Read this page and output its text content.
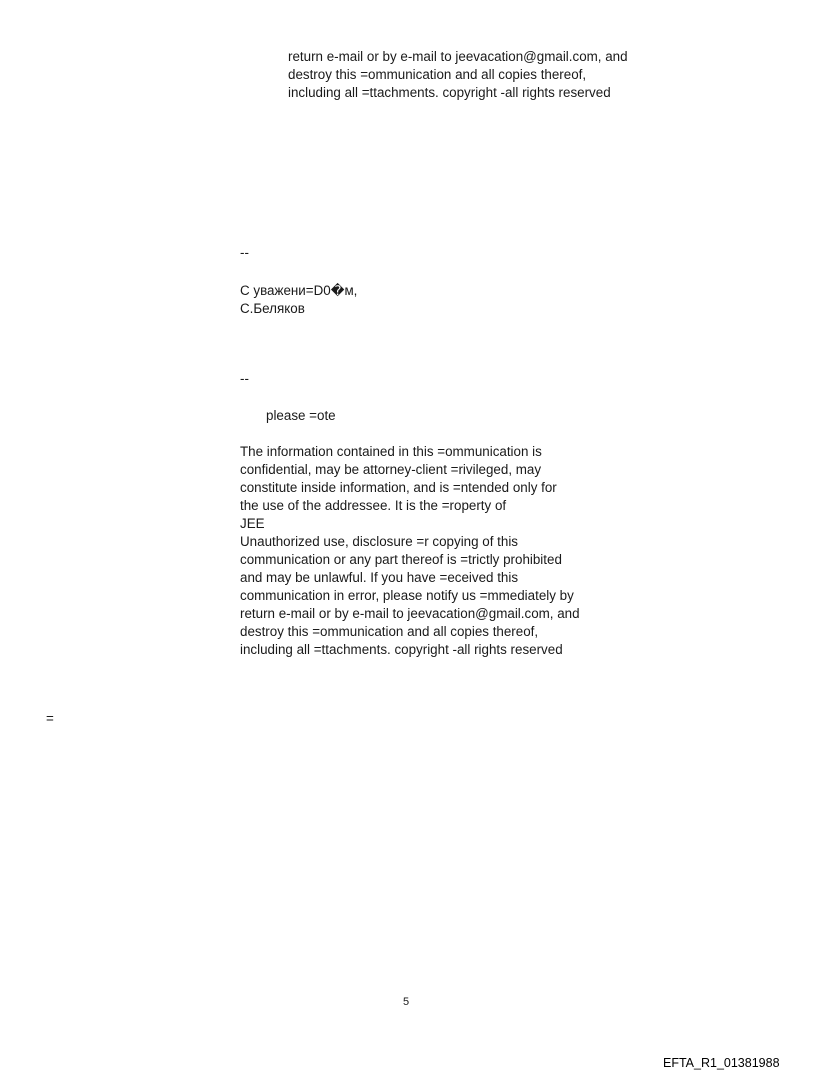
return e-mail or by e-mail to jeevacation@gmail.com, and
destroy this =ommunication and all copies thereof,
including all =ttachments. copyright -all rights reserved
--
С уважени=D0�м,
С.Беляков
--
please =ote
The information contained in this =ommunication is
confidential, may be attorney-client =rivileged, may
constitute inside information, and is =ntended only for
the use of the addressee. It is the =roperty of
JEE
Unauthorized use, disclosure =r copying of this
communication or any part thereof is =trictly prohibited
and may be unlawful. If you have =eceived this
communication in error, please notify us =mmediately by
return e-mail or by e-mail to jeevacation@gmail.com, and
destroy this =ommunication and all copies thereof,
including all =ttachments. copyright -all rights reserved
=
5
EFTA_R1_01381988
